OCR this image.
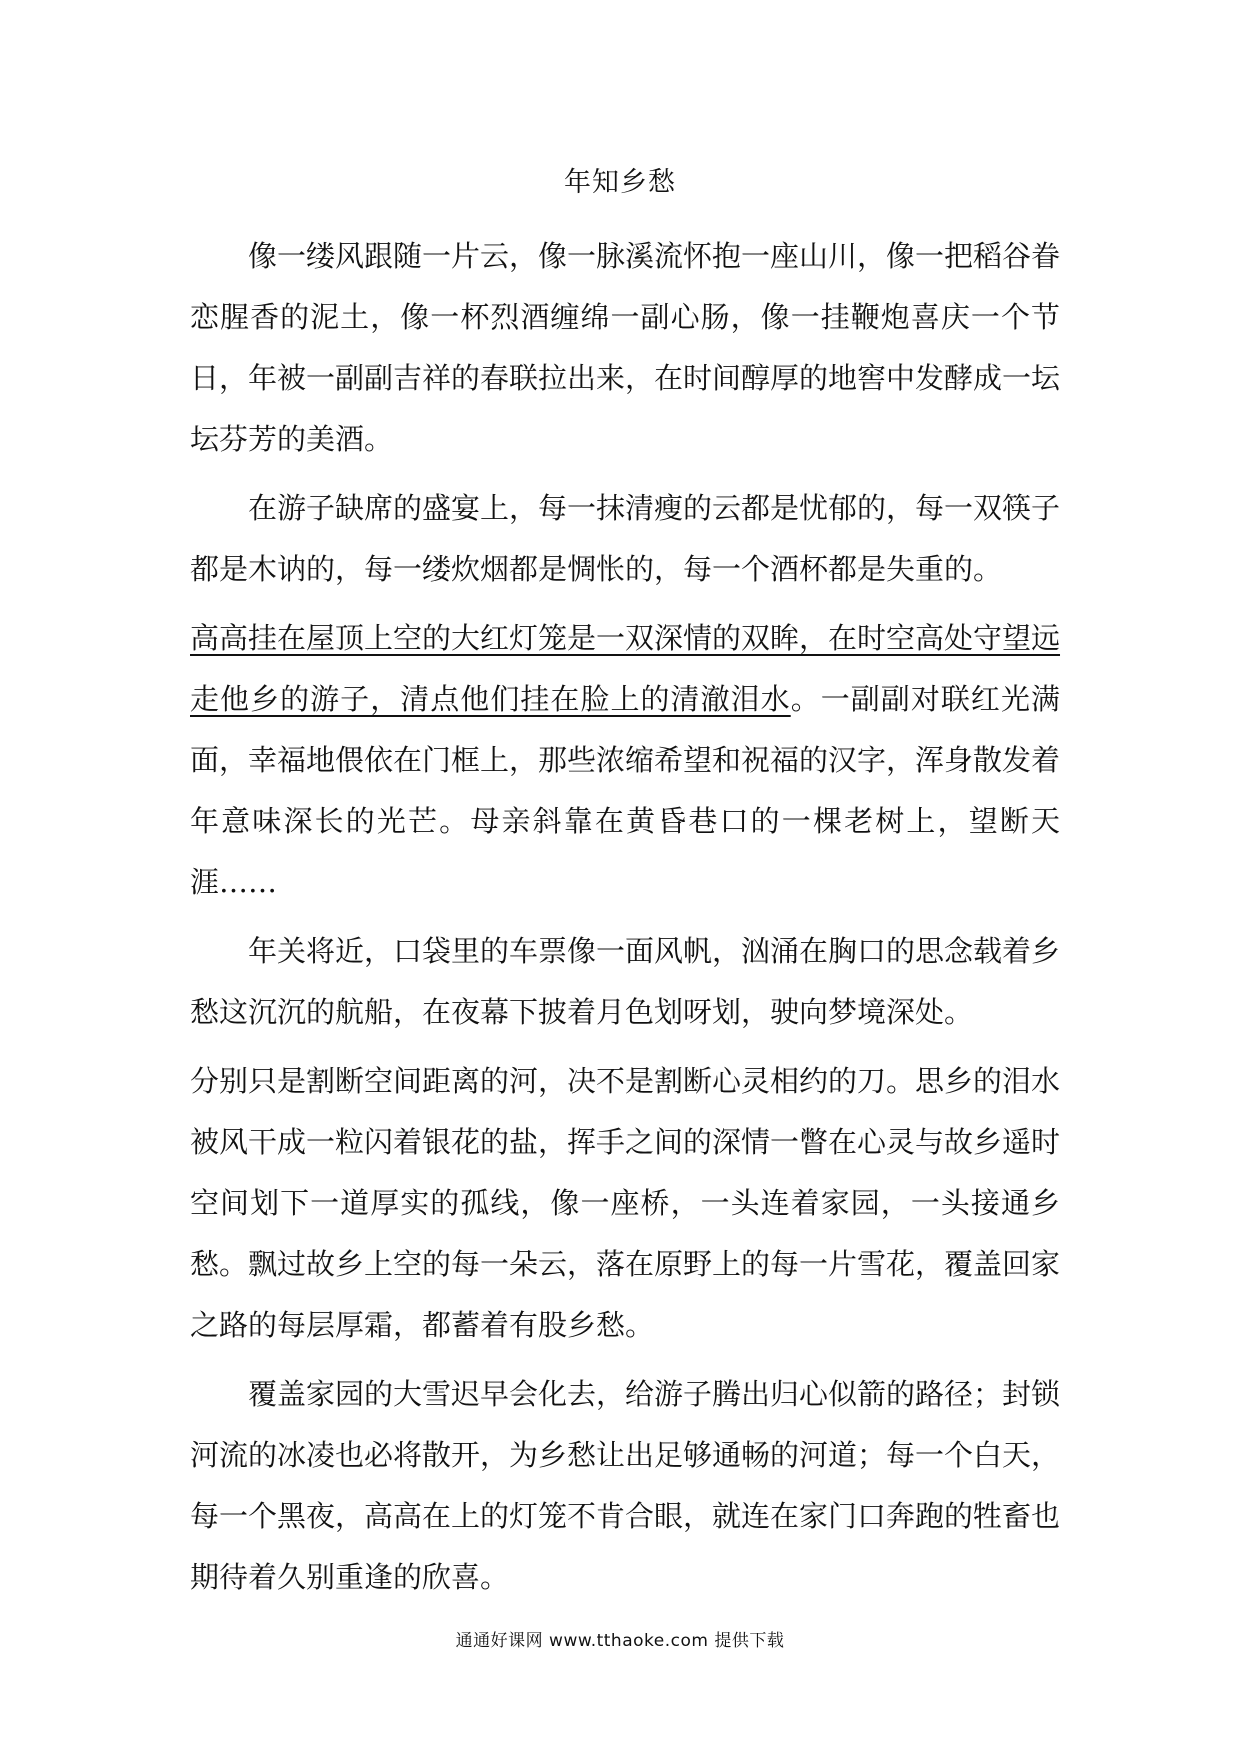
年知乡愁

像一缕风跟随一片云，像一脉溪流怀抱一座山川，像一把稻谷眷恋腥香的泥土，像一杯烈酒缠绵一副心肠，像一挂鞭炮喜庆一个节日，年被一副副吉祥的春联拉出来，在时间醇厚的地窖中发酵成一坛坛芬芳的美酒。

在游子缺席的盛宴上，每一抹清瘦的云都是忧郁的，每一双筷子都是木讷的，每一缕炊烟都是惆怅的，每一个酒杯都是失重的。

高高挂在屋顶上空的大红灯笼是一双深情的双眸，在时空高处守望远走他乡的游子，清点他们挂在脸上的清澈泪水。一副副对联红光满面，幸福地偎依在门框上，那些浓缩希望和祝福的汉字，浑身散发着年意味深长的光芒。母亲斜靠在黄昏巷口的一棵老树上，望断天涯……

年关将近，口袋里的车票像一面风帆，汹涌在胸口的思念载着乡愁这沉沉的航船，在夜幕下披着月色划呀划，驶向梦境深处。

分别只是割断空间距离的河，决不是割断心灵相约的刀。思乡的泪水被风干成一粒闪着银花的盐，挥手之间的深情一瞥在心灵与故乡遥时空间划下一道厚实的孤线，像一座桥，一头连着家园，一头接通乡愁。飘过故乡上空的每一朵云，落在原野上的每一片雪花，覆盖回家之路的每层厚霜，都蓄着有股乡愁。

覆盖家园的大雪迟早会化去，给游子腾出归心似箭的路径；封锁河流的冰凌也必将散开，为乡愁让出足够通畅的河道；每一个白天，每一个黑夜，高高在上的灯笼不肯合眼，就连在家门口奔跑的牲畜也期待着久别重逢的欣喜。

通通好课网 www.tthaoke.com 提供下载
